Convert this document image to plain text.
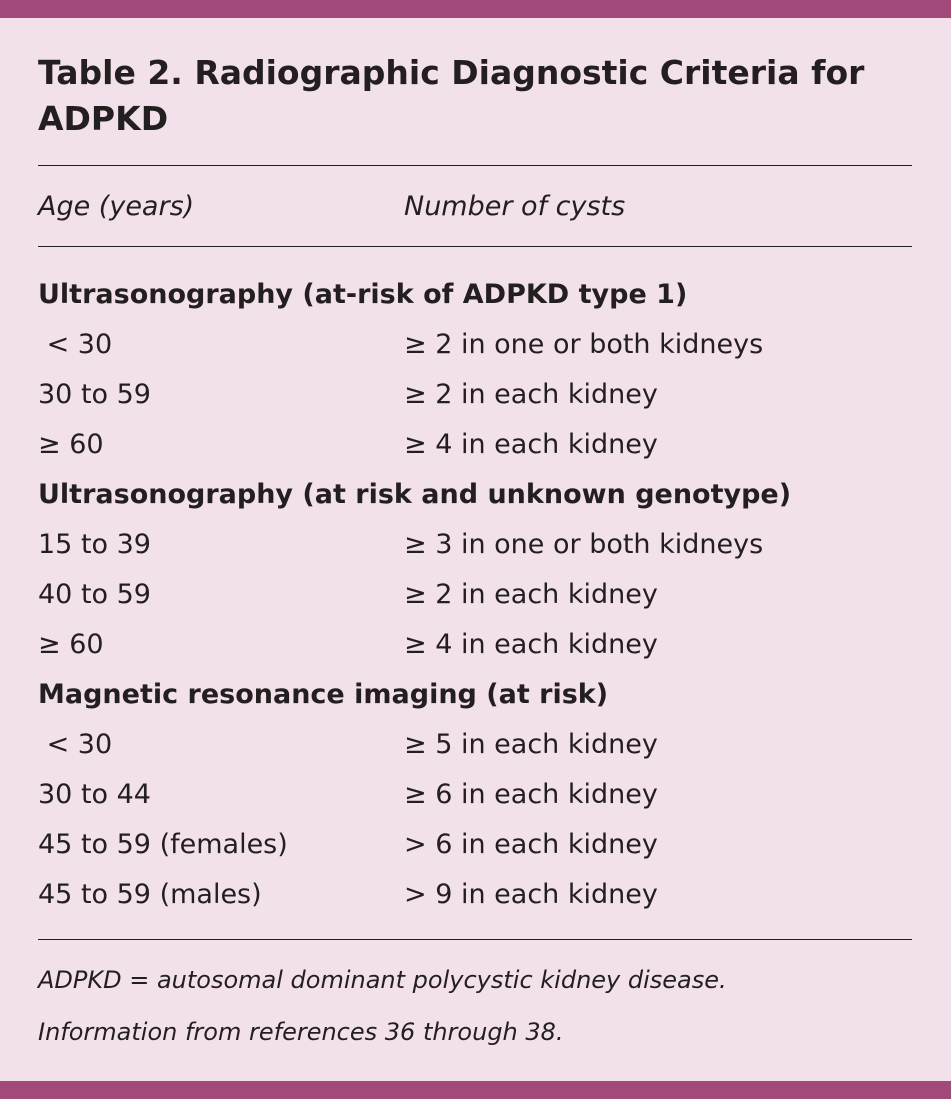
Table 2. Radiographic Diagnostic Criteria for ADPKD
Age (years)	Number of cysts
Ultrasonography (at-risk of ADPKD type 1)
< 30	≥ 2 in one or both kidneys
30 to 59	≥ 2 in each kidney
≥ 60	≥ 4 in each kidney
Ultrasonography (at risk and unknown genotype)
15 to 39	≥ 3 in one or both kidneys
40 to 59	≥ 2 in each kidney
≥ 60	≥ 4 in each kidney
Magnetic resonance imaging (at risk)
< 30	≥ 5 in each kidney
30 to 44	≥ 6 in each kidney
45 to 59 (females)	> 6 in each kidney
45 to 59 (males)	> 9 in each kidney
ADPKD = autosomal dominant polycystic kidney disease.
Information from references 36 through 38.
